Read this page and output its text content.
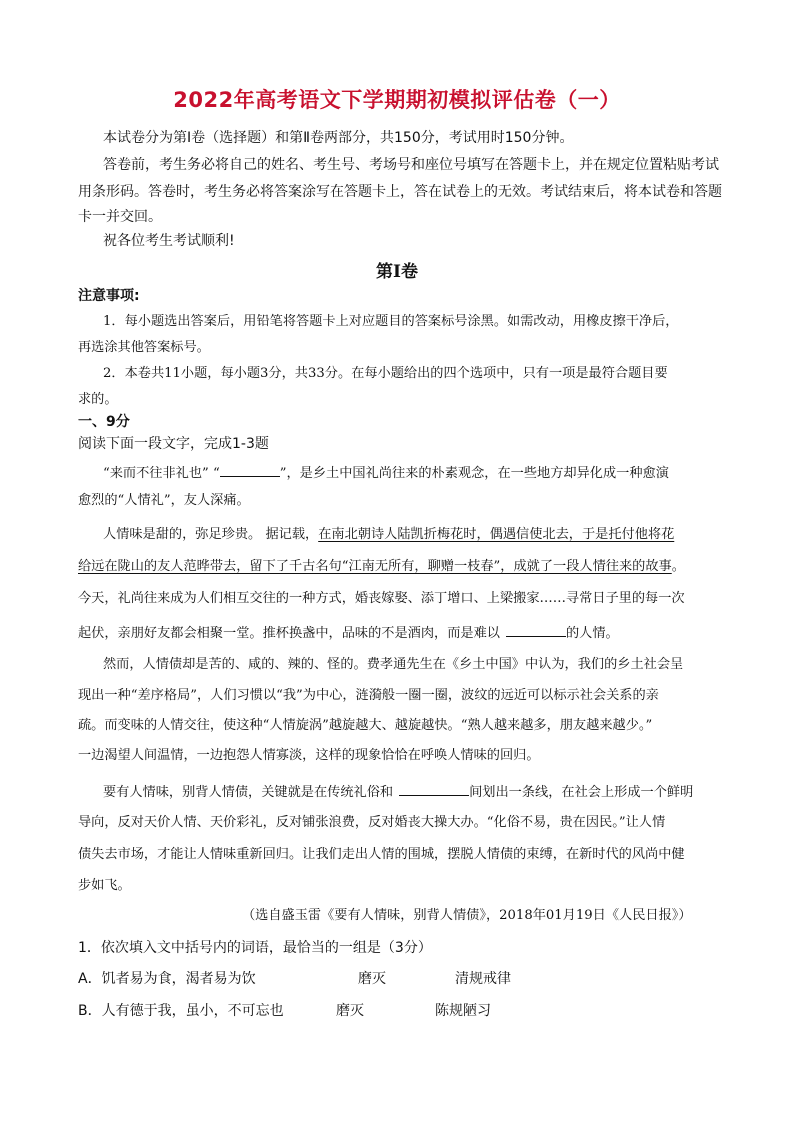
2022年高考语文下学期期初模拟评估卷（一）
本试卷分为第Ⅰ卷（选择题）和第Ⅱ卷两部分，共150分，考试用时150分钟。
答卷前，考生务必将自己的姓名、考生号、考场号和座位号填写在答题卡上，并在规定位置粘贴考试
用条形码。答卷时，考生务必将答案涂写在答题卡上，答在试卷上的无效。考试结束后，将本试卷和答题
卡一并交回。
祝各位考生考试顺利!
第Ⅰ卷
注意事项:
1．每小题选出答案后，用铅笔将答题卡上对应题目的答案标号涂黑。如需改动，用橡皮擦干净后，
再选涂其他答案标号。
2．本卷共11小题，每小题3分，共33分。在每小题给出的四个选项中，只有一项是最符合题目要
求的。
一、9分
阅读下面一段文字，完成1-3题
“来而不往非礼也” “	”，是乡土中国礼尚往来的朴素观念，在一些地方却异化成一种愈演
愈烈的“人情礼”，友人深痛。
人情味是甜的，弥足珍贵。 据记载，在南北朝诗人陆凯折梅花时，偶遇信使北去，于是托付他将花
给远在陇山的友人范晔带去，留下了千古名句“江南无所有，聊赠一枝春”，成就了一段人情往来的故事。
今天，礼尚往来成为人们相互交往的一种方式，婚丧嫁娶、添丁增口、上梁搬家……寻常日子里的每一次
起伏，亲朋好友都会相聚一堂。推杯换盏中，品味的不是酒肉，而是难以	的人情。
然而，人情债却是苦的、咸的、辣的、怪的。费孝通先生在《乡土中国》中认为，我们的乡土社会呈
现出一种“差序格局”，人们习惯以“我”为中心，涟漪般一圈一圈，波纹的远近可以标示社会关系的亲
疏。而变味的人情交往，使这种“人情旋涡”越旋越大、越旋越快。“熟人越来越多，朋友越来越少。”
一边渴望人间温情，一边抱怨人情寡淡，这样的现象恰恰在呼唤人情味的回归。
要有人情味，别背人情债，关键就是在传统礼俗和	间划出一条线，在社会上形成一个鲜明
导向，反对天价人情、天价彩礼，反对铺张浪费，反对婚丧大操大办。“化俗不易，贵在因民。”让人情
债失去市场，才能让人情味重新回归。让我们走出人情的围城，摆脱人情债的束缚，在新时代的风尚中健
步如飞。
（选自盛玉雷《要有人情味，别背人情债》，2018年01月19日《人民日报》）
1．依次填入文中括号内的词语，最恰当的一组是（3分）
A．饥者易为食，渴者易为饮	磨灭	清规戒律
B．人有德于我，虽小，不可忘也	磨灭	陈规陋习
